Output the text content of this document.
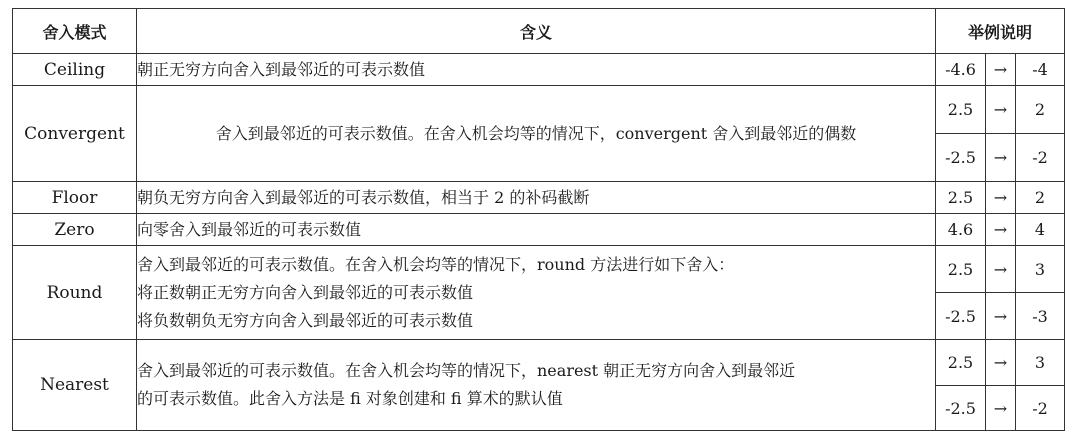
舍入模式	含义	举例说明		
Ceiling	朝正无穷方向舍入到最邻近的可表示数值	-4.6	→	-4
Convergent	舍入到最邻近的可表示数值。在舍入机会均等的情况下，convergent 舍入到最邻近的偶数	2.5	→	2
		-2.5	→	-2
Floor	朝负无穷方向舍入到最邻近的可表示数值，相当于 2 的补码截断	2.5	→	2
Zero	向零舍入到最邻近的可表示数值	4.6	→	4
Round	舍入到最邻近的可表示数值。在舍入机会均等的情况下，round 方法进行如下舍入：
将正数朝正无穷方向舍入到最邻近的可表示数值
将负数朝负无穷方向舍入到最邻近的可表示数值	2.5	→	3
		-2.5	→	-3
Nearest	舍入到最邻近的可表示数值。在舍入机会均等的情况下，nearest 朝正无穷方向舍入到最邻近
的可表示数值。此舍入方法是 fi 对象创建和 fi 算术的默认值	2.5	→	3
		-2.5	→	-2
